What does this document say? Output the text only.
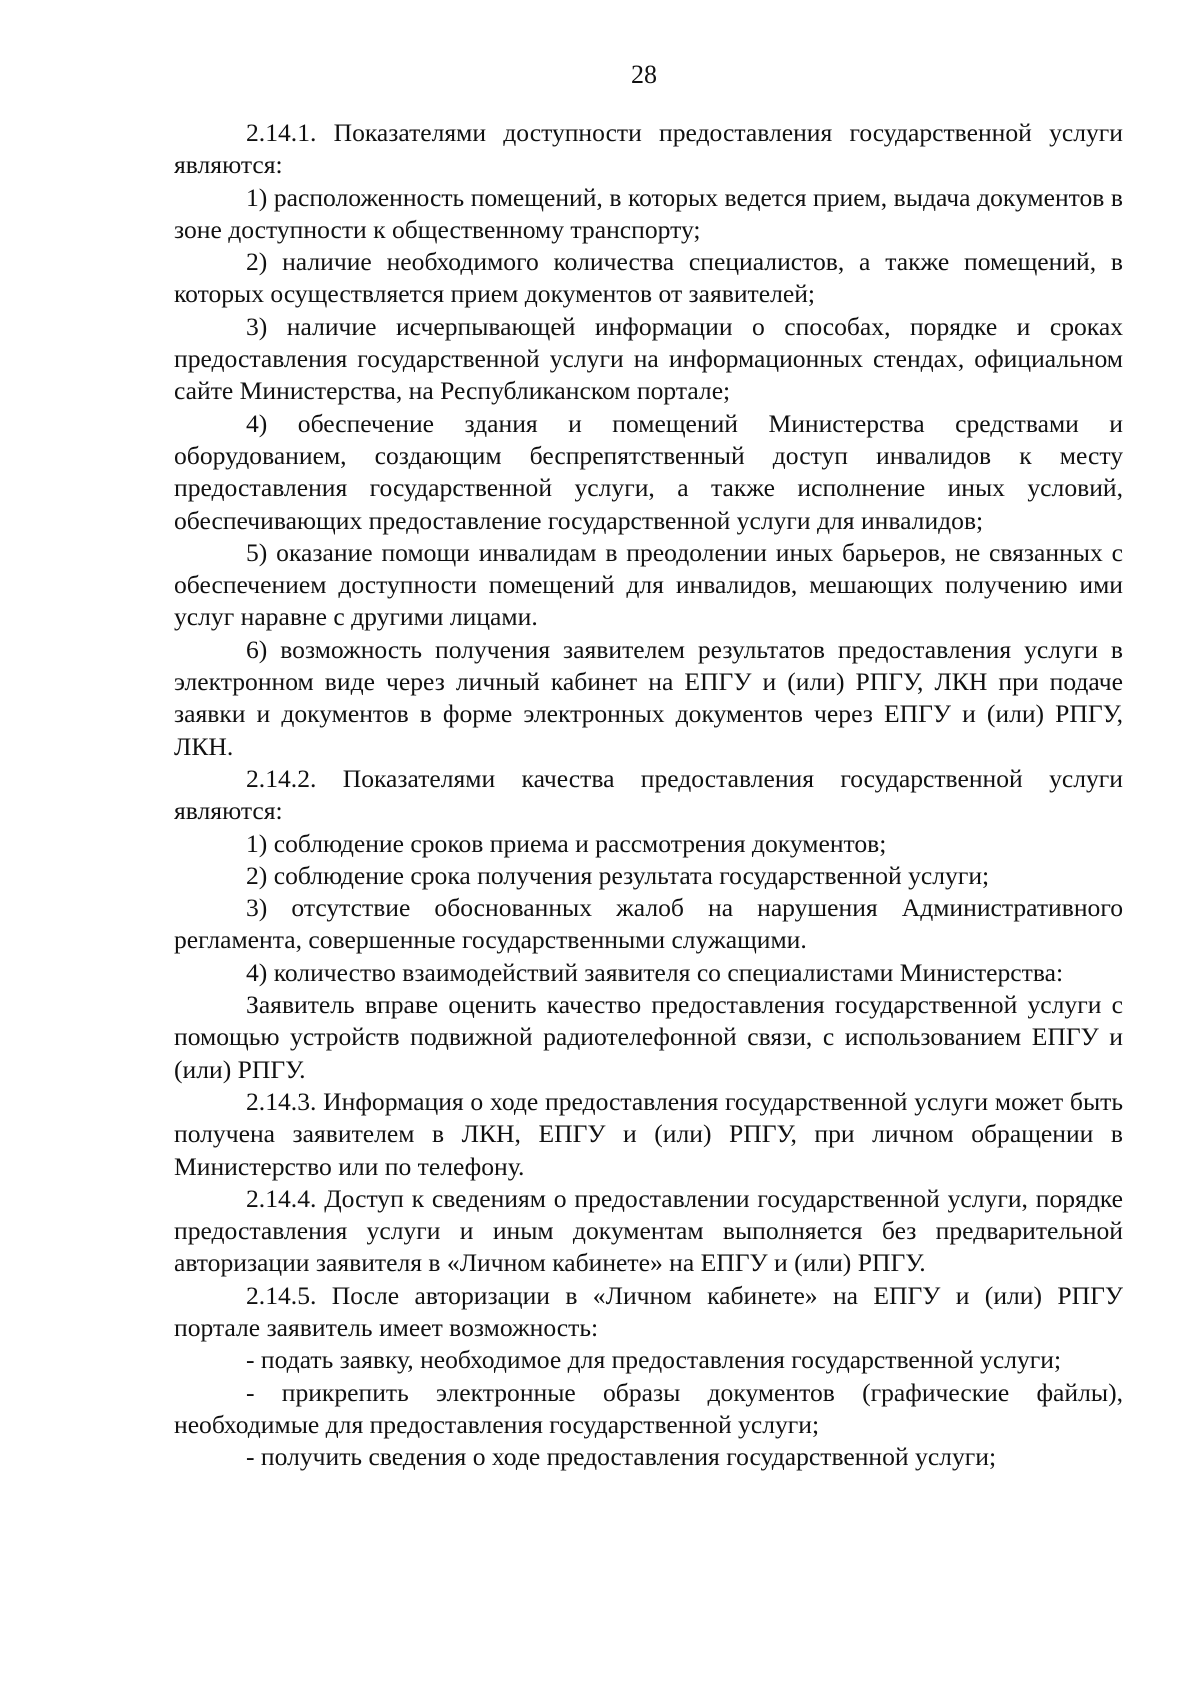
28

2.14.1. Показателями доступности предоставления государственной услуги являются:

1) расположенность помещений, в которых ведется прием, выдача документов в зоне доступности к общественному транспорту;

2) наличие необходимого количества специалистов, а также помещений, в которых осуществляется прием документов от заявителей;

3) наличие исчерпывающей информации о способах, порядке и сроках предоставления государственной услуги на информационных стендах, официальном сайте Министерства, на Республиканском портале;

4) обеспечение здания и помещений Министерства средствами и оборудованием, создающим беспрепятственный доступ инвалидов к месту предоставления государственной услуги, а также исполнение иных условий, обеспечивающих предоставление государственной услуги для инвалидов;

5) оказание помощи инвалидам в преодолении иных барьеров, не связанных с обеспечением доступности помещений для инвалидов, мешающих получению ими услуг наравне с другими лицами.

6) возможность получения заявителем результатов предоставления услуги в электронном виде через личный кабинет на ЕПГУ и (или) РПГУ, ЛКН при подаче заявки и документов в форме электронных документов через ЕПГУ и (или) РПГУ, ЛКН.

2.14.2. Показателями качества предоставления государственной услуги являются:

1) соблюдение сроков приема и рассмотрения документов;

2) соблюдение срока получения результата государственной услуги;

3) отсутствие обоснованных жалоб на нарушения Административного регламента, совершенные государственными служащими.

4) количество взаимодействий заявителя со специалистами Министерства:

Заявитель вправе оценить качество предоставления государственной услуги с помощью устройств подвижной радиотелефонной связи, с использованием ЕПГУ и (или) РПГУ.

2.14.3. Информация о ходе предоставления государственной услуги может быть получена заявителем в ЛКН, ЕПГУ и (или) РПГУ, при личном обращении в Министерство или по телефону.

2.14.4. Доступ к сведениям о предоставлении государственной услуги, порядке предоставления услуги и иным документам выполняется без предварительной авторизации заявителя в «Личном кабинете» на ЕПГУ и (или) РПГУ.

2.14.5. После авторизации в «Личном кабинете» на ЕПГУ и (или) РПГУ портале заявитель имеет возможность:

- подать заявку, необходимое для предоставления государственной услуги;

- прикрепить электронные образы документов (графические файлы), необходимые для предоставления государственной услуги;

- получить сведения о ходе предоставления государственной услуги;
